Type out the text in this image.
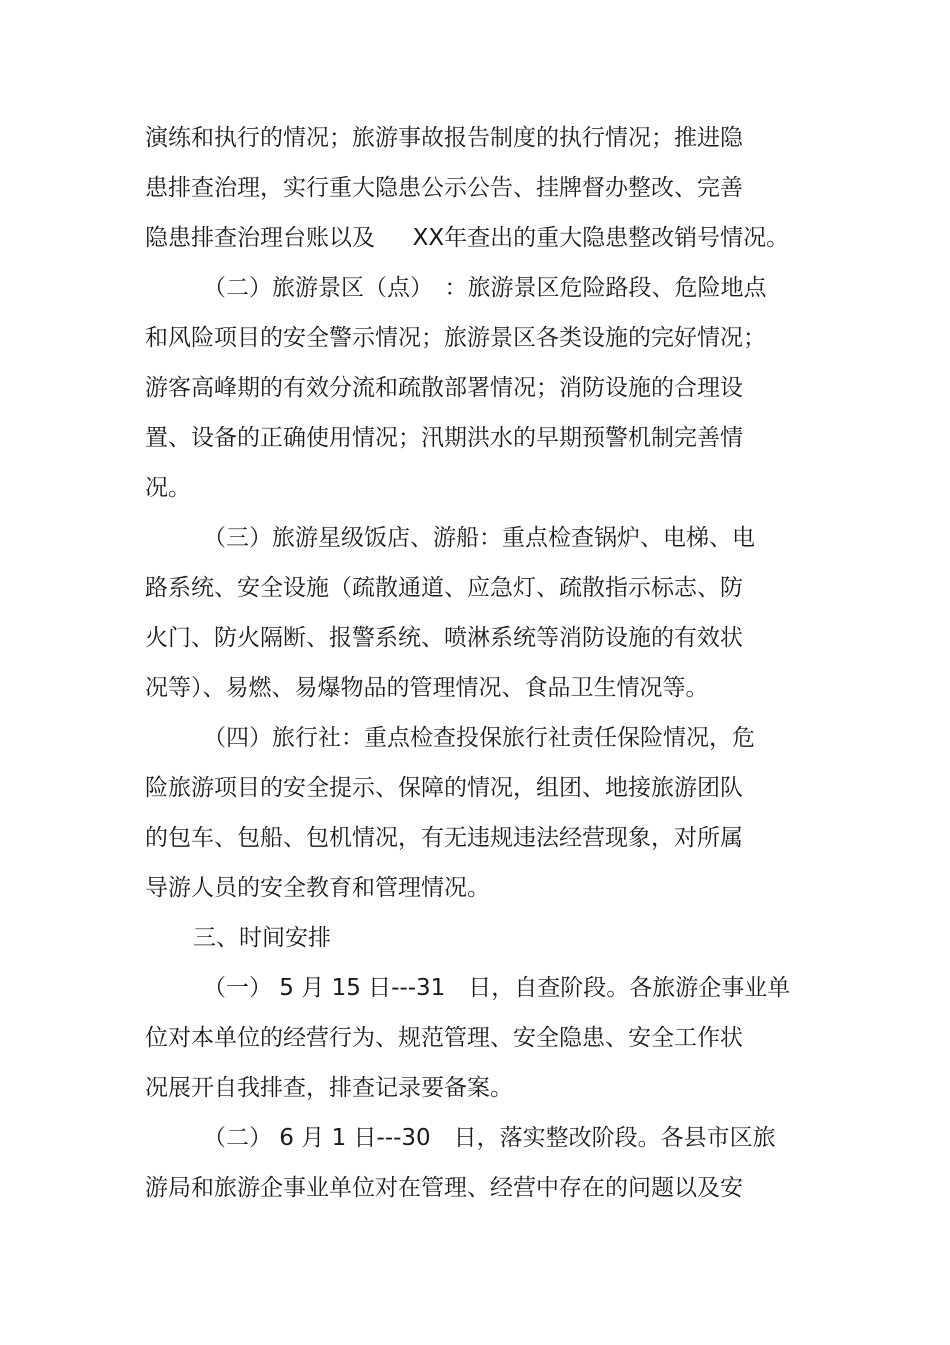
演练和执行的情况；旅游事故报告制度的执行情况；推进隐
患排查治理，实行重大隐患公示公告、挂牌督办整改、完善
隐患排查治理台账以及 　 XX年查出的重大隐患整改销号情况。
（二）旅游景区（点）　：旅游景区危险路段、危险地点
和风险项目的安全警示情况；旅游景区各类设施的完好情况；
游客高峰期的有效分流和疏散部署情况；消防设施的合理设
置、设备的正确使用情况；汛期洪水的早期预警机制完善情
况。
（三）旅游星级饭店、游船：重点检查锅炉、电梯、电
路系统、安全设施（疏散通道、应急灯、疏散指示标志、防
火门、防火隔断、报警系统、喷淋系统等消防设施的有效状
况等）、易燃、易爆物品的管理情况、食品卫生情况等。
（四）旅行社：重点检查投保旅行社责任保险情况，危
险旅游项目的安全提示、保障的情况，组团、地接旅游团队
的包车、包船、包机情况，有无违规违法经营现象，对所属
导游人员的安全教育和管理情况。
三、时间安排
（一） 5 月 15 日---31　日，自查阶段。各旅游企事业单
位对本单位的经营行为、规范管理、安全隐患、安全工作状
况展开自我排查，排查记录要备案。
（二） 6 月 1 日---30　日，落实整改阶段。各县市区旅
游局和旅游企事业单位对在管理、经营中存在的问题以及安
